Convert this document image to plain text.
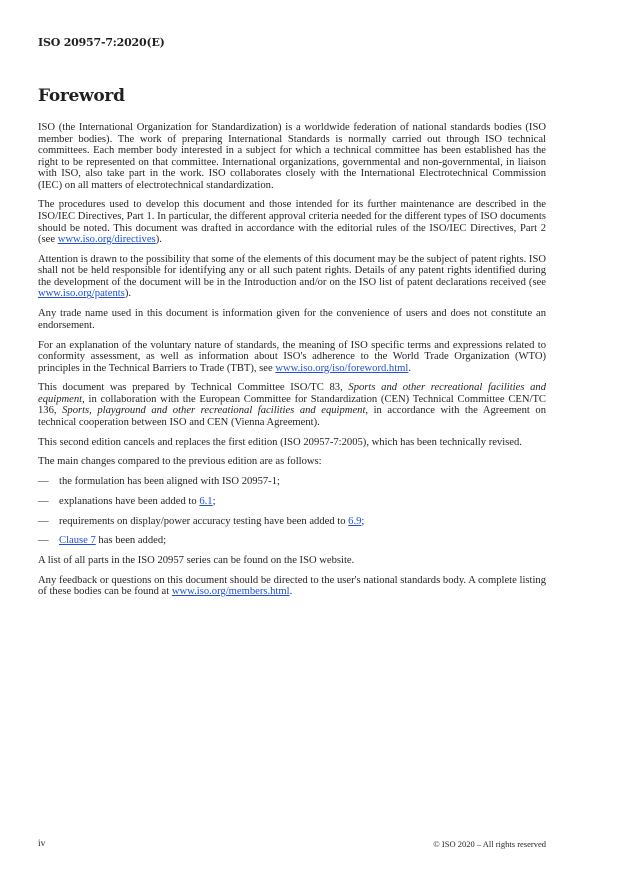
ISO 20957-7:2020(E)
Foreword

ISO (the International Organization for Standardization) is a worldwide federation of national standards bodies (ISO member bodies). The work of preparing International Standards is normally carried out through ISO technical committees. Each member body interested in a subject for which a technical committee has been established has the right to be represented on that committee. International organizations, governmental and non-governmental, in liaison with ISO, also take part in the work. ISO collaborates closely with the International Electrotechnical Commission (IEC) on all matters of electrotechnical standardization.

The procedures used to develop this document and those intended for its further maintenance are described in the ISO/IEC Directives, Part 1. In particular, the different approval criteria needed for the different types of ISO documents should be noted. This document was drafted in accordance with the editorial rules of the ISO/IEC Directives, Part 2 (see www.iso.org/directives).

Attention is drawn to the possibility that some of the elements of this document may be the subject of patent rights. ISO shall not be held responsible for identifying any or all such patent rights. Details of any patent rights identified during the development of the document will be in the Introduction and/or on the ISO list of patent declarations received (see www.iso.org/patents).

Any trade name used in this document is information given for the convenience of users and does not constitute an endorsement.

For an explanation of the voluntary nature of standards, the meaning of ISO specific terms and expressions related to conformity assessment, as well as information about ISO's adherence to the World Trade Organization (WTO) principles in the Technical Barriers to Trade (TBT), see www.iso.org/iso/foreword.html.

This document was prepared by Technical Committee ISO/TC 83, Sports and other recreational facilities and equipment, in collaboration with the European Committee for Standardization (CEN) Technical Committee CEN/TC 136, Sports, playground and other recreational facilities and equipment, in accordance with the Agreement on technical cooperation between ISO and CEN (Vienna Agreement).

This second edition cancels and replaces the first edition (ISO 20957-7:2005), which has been technically revised.

The main changes compared to the previous edition are as follows:

— the formulation has been aligned with ISO 20957-1;
— explanations have been added to 6.1;
— requirements on display/power accuracy testing have been added to 6.9;
— Clause 7 has been added;

A list of all parts in the ISO 20957 series can be found on the ISO website.

Any feedback or questions on this document should be directed to the user's national standards body. A complete listing of these bodies can be found at www.iso.org/members.html.

iv	© ISO 2020 – All rights reserved
